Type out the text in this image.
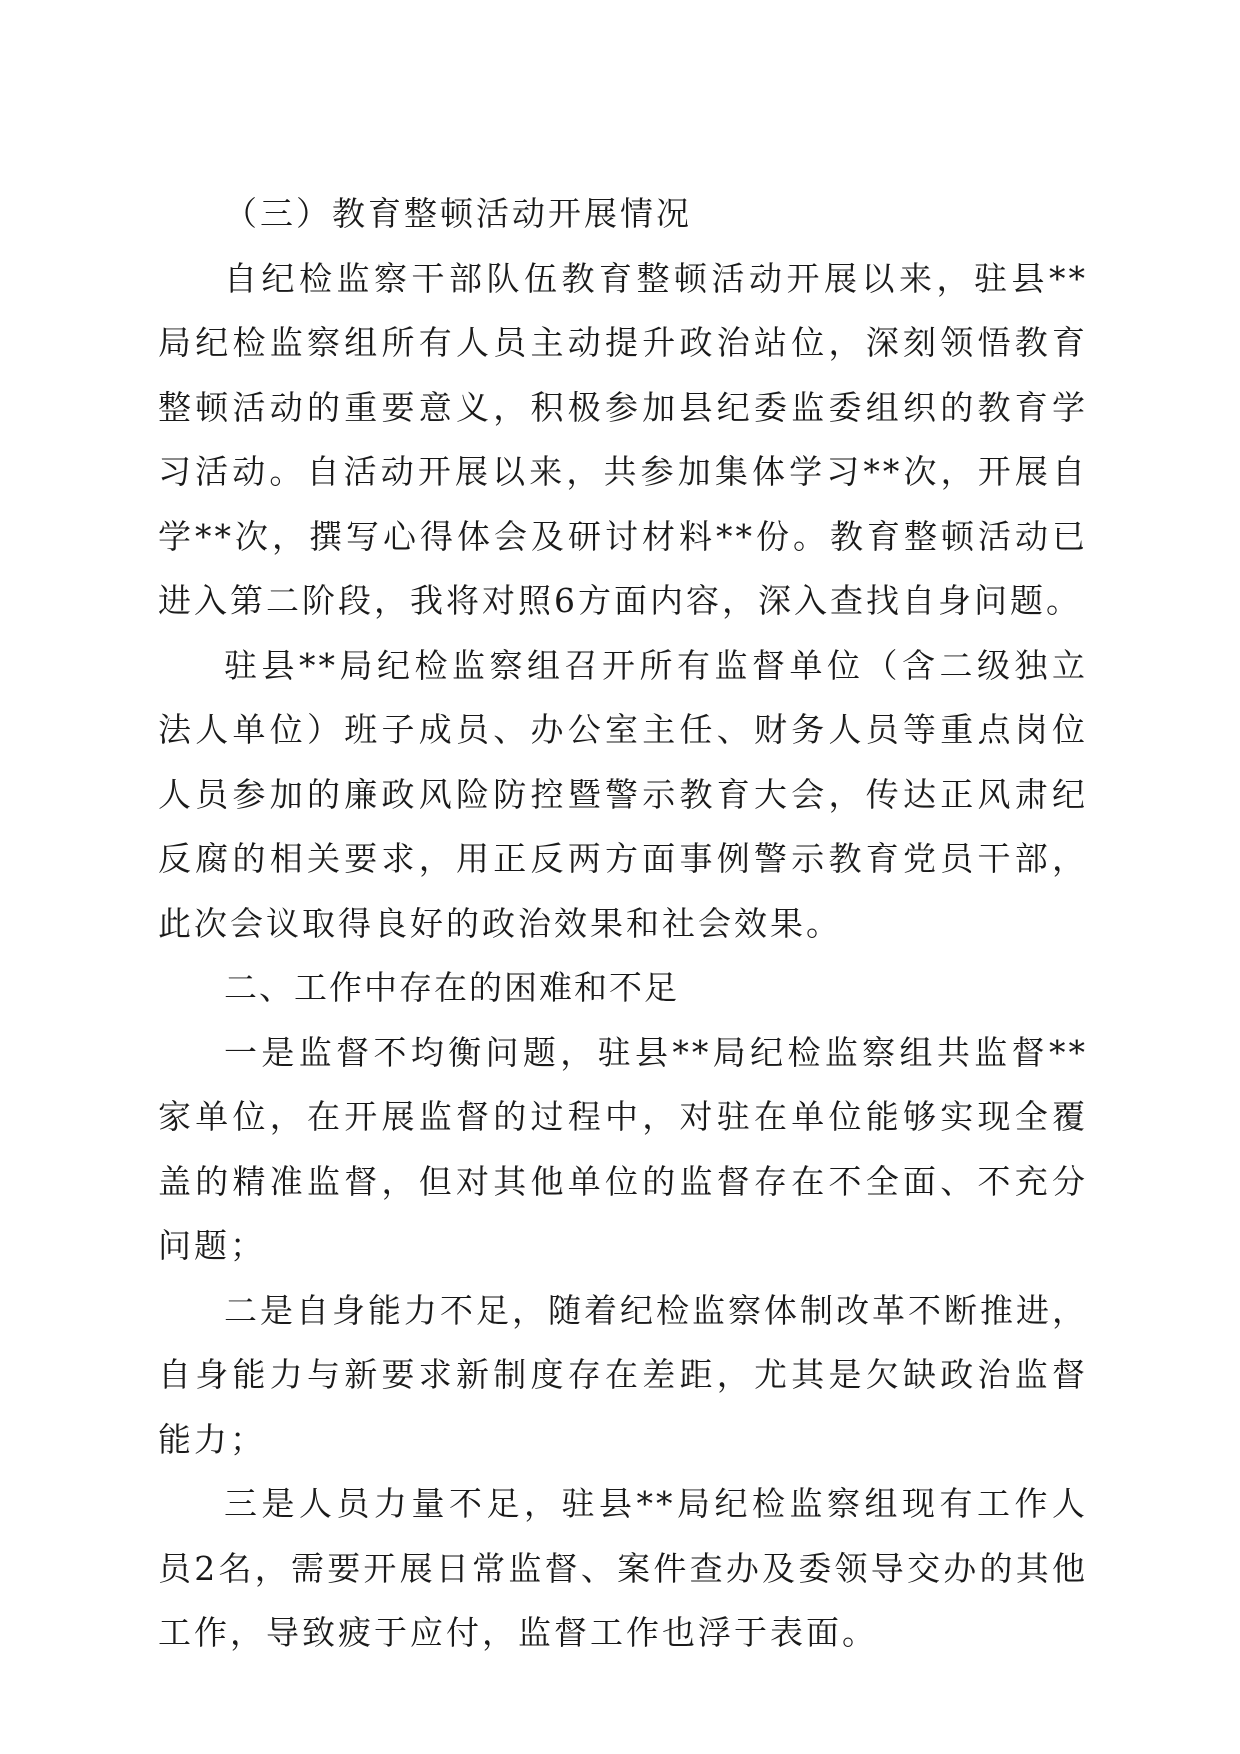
（三）教育整顿活动开展情况

自纪检监察干部队伍教育整顿活动开展以来，驻县**局纪检监察组所有人员主动提升政治站位，深刻领悟教育整顿活动的重要意义，积极参加县纪委监委组织的教育学习活动。自活动开展以来，共参加集体学习**次，开展自学**次，撰写心得体会及研讨材料**份。教育整顿活动已进入第二阶段，我将对照6方面内容，深入查找自身问题。

驻县**局纪检监察组召开所有监督单位（含二级独立法人单位）班子成员、办公室主任、财务人员等重点岗位人员参加的廉政风险防控暨警示教育大会，传达正风肃纪反腐的相关要求，用正反两方面事例警示教育党员干部，此次会议取得良好的政治效果和社会效果。

二、工作中存在的困难和不足

一是监督不均衡问题，驻县**局纪检监察组共监督**家单位，在开展监督的过程中，对驻在单位能够实现全覆盖的精准监督，但对其他单位的监督存在不全面、不充分问题；

二是自身能力不足，随着纪检监察体制改革不断推进，自身能力与新要求新制度存在差距，尤其是欠缺政治监督能力；

三是人员力量不足，驻县**局纪检监察组现有工作人员2名，需要开展日常监督、案件查办及委领导交办的其他工作，导致疲于应付，监督工作也浮于表面。
